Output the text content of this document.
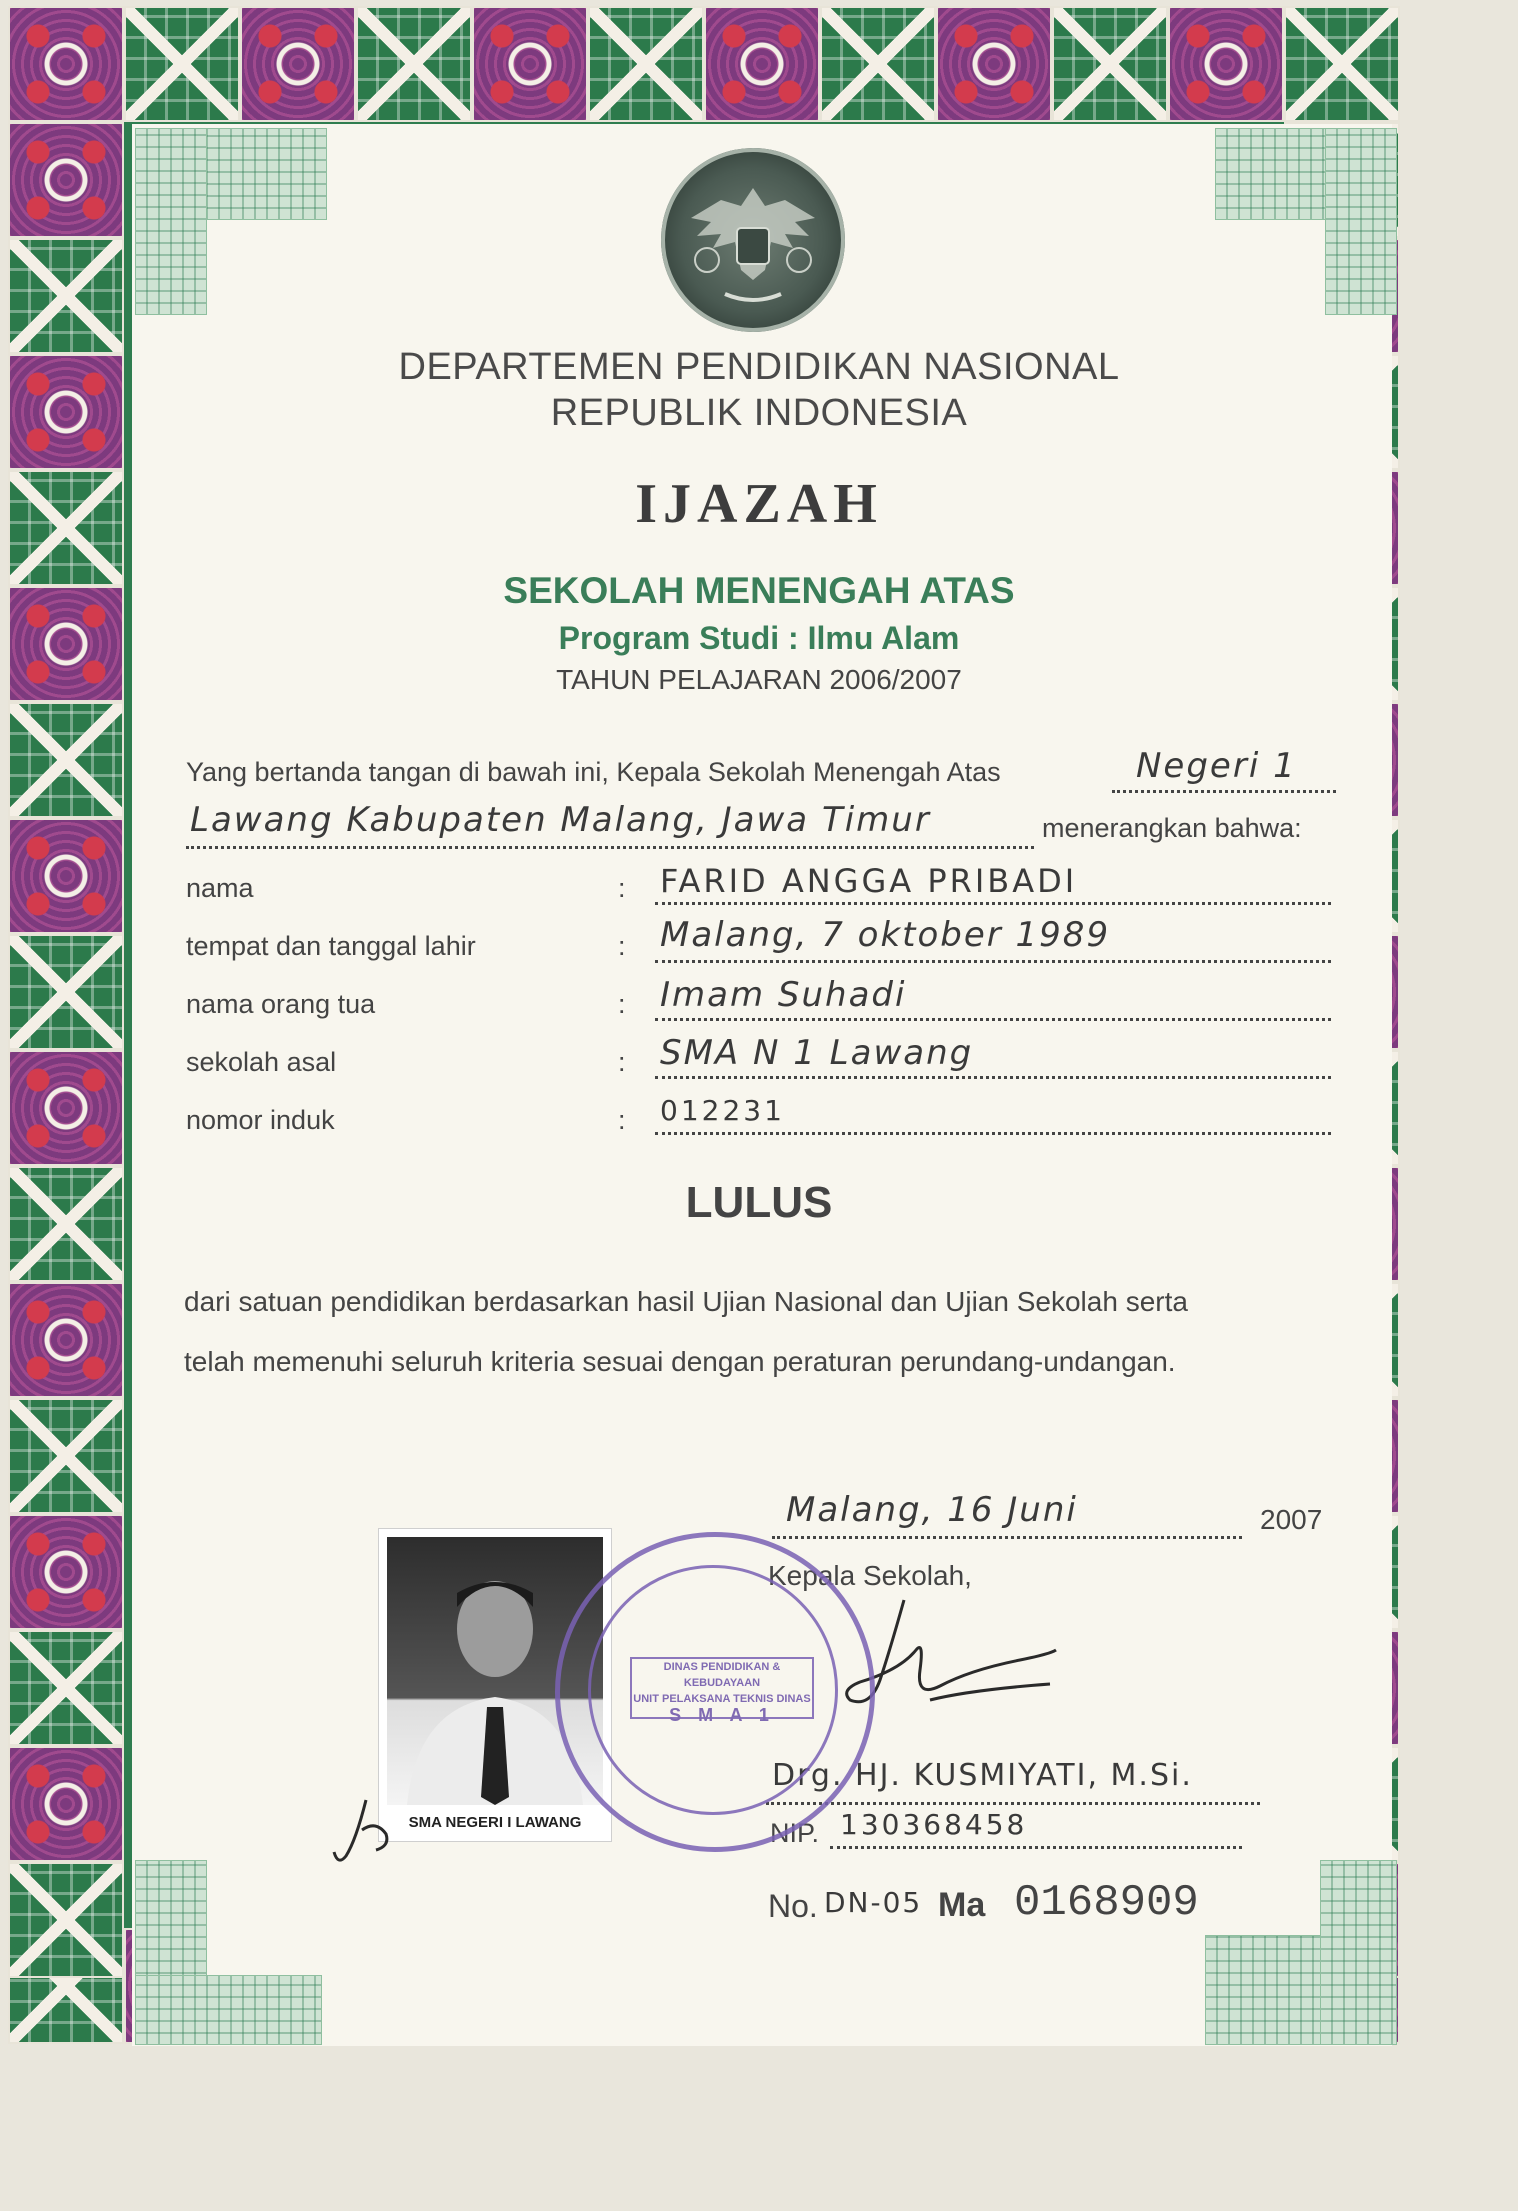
DEPARTEMEN PENDIDIKAN NASIONAL
REPUBLIK INDONESIA
IJAZAH
SEKOLAH MENENGAH ATAS
Program Studi : Ilmu Alam
TAHUN PELAJARAN 2006/2007
Yang bertanda tangan di bawah ini, Kepala Sekolah Menengah Atas	Negeri 1
Lawang Kabupaten Malang, Jawa Timur	menerangkan bahwa:
nama	: FARID ANGGA PRIBADI
tempat dan tanggal lahir	: Malang, 7 oktober 1989
nama orang tua	: Imam Suhadi
sekolah asal	: SMA N 1 Lawang
nomor induk	: 012231
LULUS
dari satuan pendidikan berdasarkan hasil Ujian Nasional dan Ujian Sekolah serta
telah memenuhi seluruh kriteria sesuai dengan peraturan perundang-undangan.
Malang, 16 Juni	2007
Kepala Sekolah,
Drg. HJ. KUSMIYATI, M.Si.
NIP. 130368458
SMA NEGERI I LAWANG
DINAS PENDIDIKAN & KEBUDAYAAN
UNIT PELAKSANA TEKNIS DINAS
S M A 1
No. DN-05 Ma 0168909
